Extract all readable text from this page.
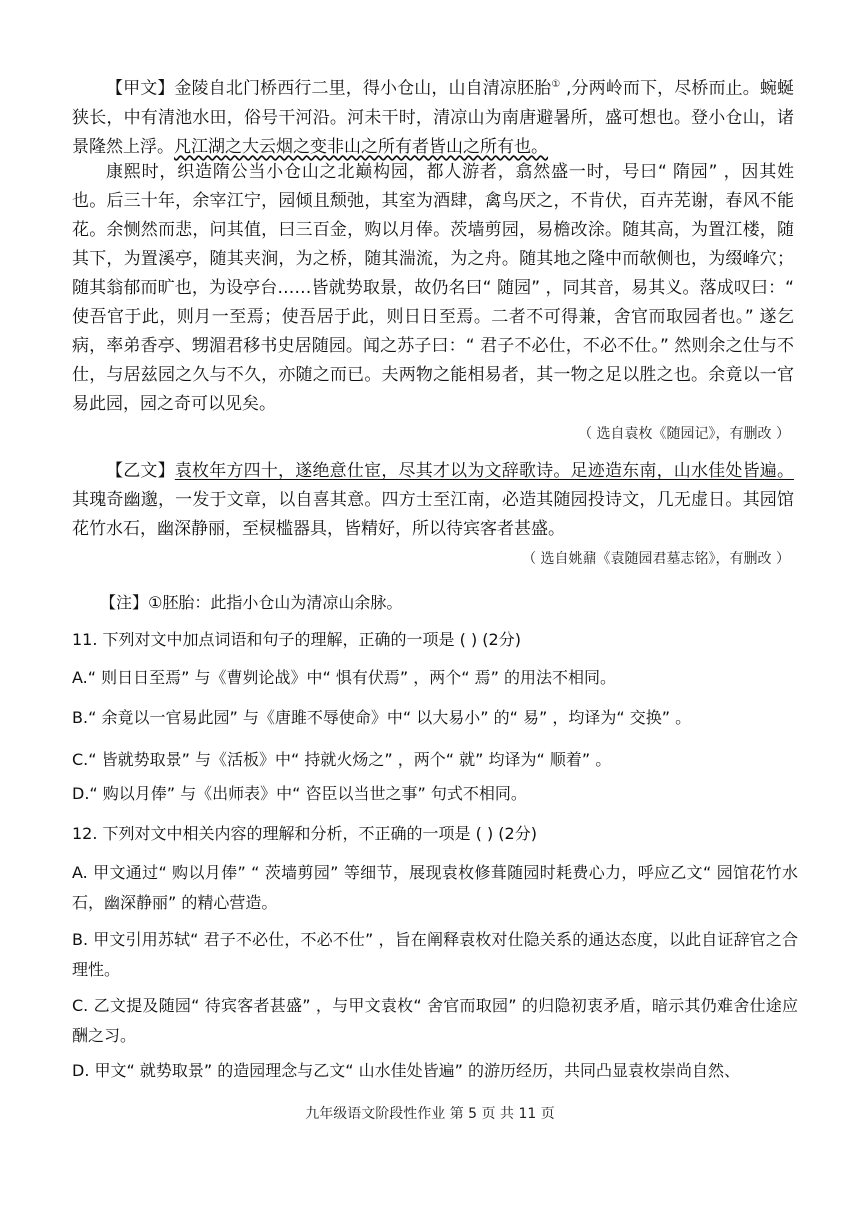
【甲文】金陵自北门桥西行二里，得小仓山，山自清凉胚胎① ,分两岭而下，尽桥而止。蜿蜒狭长，中有清池水田，俗号干河沿。河未干时，清凉山为南唐避暑所，盛可想也。登小仓山，诸景隆然上浮。凡江湖之大云烟之变非山之所有者皆山之所有也。

康熙时，织造隋公当小仓山之北巅构园，都人游者，翕然盛一时，号曰“ 隋园” ，因其姓也。后三十年，余宰江宁，园倾且颓弛，其室为酒肆，禽鸟厌之，不肯伏，百卉芜谢，春风不能花。余恻然而悲，问其值，曰三百金，购以月俸。茨墙剪园，易檐改涂。随其高，为置江楼，随其下，为置溪亭，随其夹涧，为之桥，随其湍流，为之舟。随其地之隆中而欹侧也，为缀峰穴；随其翁郁而旷也，为设亭台……皆就势取景，故仍名曰“ 随园” ，同其音，易其义。落成叹曰：“ 使吾官于此，则月一至焉；使吾居于此，则日日至焉。二者不可得兼，舍官而取园者也。” 遂乞病，率弟香亭、甥湄君移书史居随园。闻之苏子曰：“ 君子不必仕，不必不仕。” 然则余之仕与不仕，与居兹园之久与不久，亦随之而已。夫两物之能相易者，其一物之足以胜之也。余竟以一官易此园，园之奇可以见矣。

（ 选自袁枚《随园记》，有删改 ）

【乙文】袁枚年方四十，遂绝意仕宦，尽其才以为文辞歌诗。足迹造东南，山水佳处皆遍。其瑰奇幽邈，一发于文章，以自喜其意。四方士至江南，必造其随园投诗文，几无虚日。其园馆花竹水石，幽深静丽，至棂槛器具，皆精好，所以待宾客者甚盛。

（ 选自姚鼐《袁随园君墓志铭》，有删改 ）
【注】①胚胎：此指小仓山为清凉山余脉。
11. 下列对文中加点词语和句子的理解，正确的一项是 ( ) (2分)
A.“ 则日日至焉” 与《曹刿论战》中“ 惧有伏焉” ，两个“ 焉” 的用法不相同。
B.“ 余竟以一官易此园” 与《唐雎不辱使命》中“ 以大易小” 的“ 易” ，均译为“ 交换” 。
C.“ 皆就势取景” 与《活板》中“ 持就火炀之” ，两个“ 就” 均译为“ 顺着” 。
D.“ 购以月俸” 与《出师表》中“ 咨臣以当世之事” 句式不相同。
12. 下列对文中相关内容的理解和分析，不正确的一项是 ( ) (2分)
A. 甲文通过“ 购以月俸” “ 茨墙剪园” 等细节，展现袁枚修葺随园时耗费心力，呼应乙文“ 园馆花竹水石，幽深静丽” 的精心营造。
B. 甲文引用苏轼“ 君子不必仕，不必不仕” ，旨在阐释袁枚对仕隐关系的通达态度，以此自证辞官之合理性。
C. 乙文提及随园“ 待宾客者甚盛” ，与甲文袁枚“ 舍官而取园” 的归隐初衷矛盾，暗示其仍难舍仕途应酬之习。
D. 甲文“ 就势取景” 的造园理念与乙文“ 山水佳处皆遍” 的游历经历，共同凸显袁枚崇尚自然、
九年级语文阶段性作业 第 5 页 共 11 页
